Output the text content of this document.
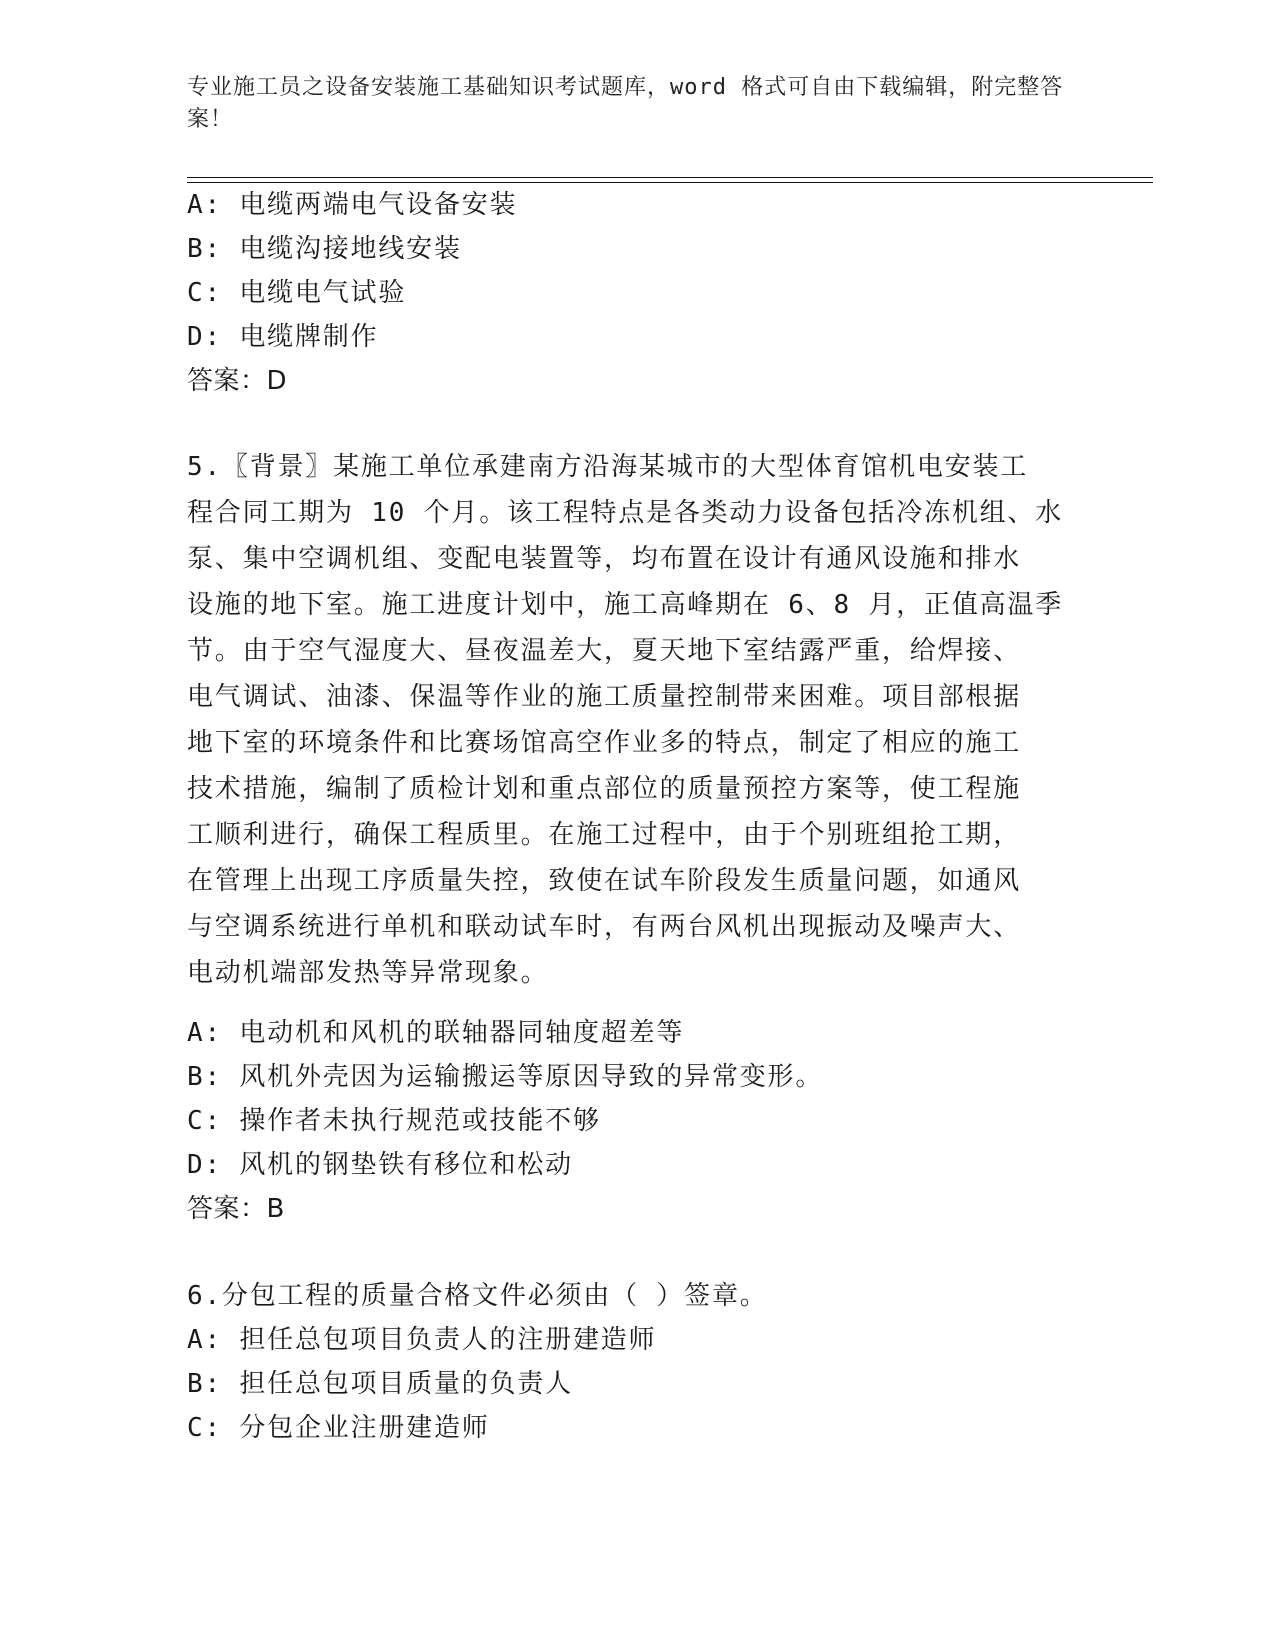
专业施工员之设备安装施工基础知识考试题库，word 格式可自由下载编辑，附完整答案！
A: 电缆两端电气设备安装
B: 电缆沟接地线安装
C: 电缆电气试验
D: 电缆牌制作
答案：D
5.〖背景〗某施工单位承建南方沿海某城市的大型体育馆机电安装工
程合同工期为 10 个月。该工程特点是各类动力设备包括冷冻机组、水
泵、集中空调机组、变配电装置等，均布置在设计有通风设施和排水
设施的地下室。施工进度计划中，施工高峰期在 6、8 月，正值高温季
节。由于空气湿度大、昼夜温差大，夏天地下室结露严重，给焊接、
电气调试、油漆、保温等作业的施工质量控制带来困难。项目部根据
地下室的环境条件和比赛场馆高空作业多的特点，制定了相应的施工
技术措施，编制了质检计划和重点部位的质量预控方案等，使工程施
工顺利进行，确保工程质里。在施工过程中，由于个别班组抢工期，
在管理上出现工序质量失控，致使在试车阶段发生质量问题，如通风
与空调系统进行单机和联动试车时，有两台风机出现振动及噪声大、
电动机端部发热等异常现象。
A: 电动机和风机的联轴器同轴度超差等
B: 风机外壳因为运输搬运等原因导致的异常变形。
C: 操作者未执行规范或技能不够
D: 风机的钢垫铁有移位和松动
答案：B
6.分包工程的质量合格文件必须由（ ）签章。
A: 担任总包项目负责人的注册建造师
B: 担任总包项目质量的负责人
C: 分包企业注册建造师
